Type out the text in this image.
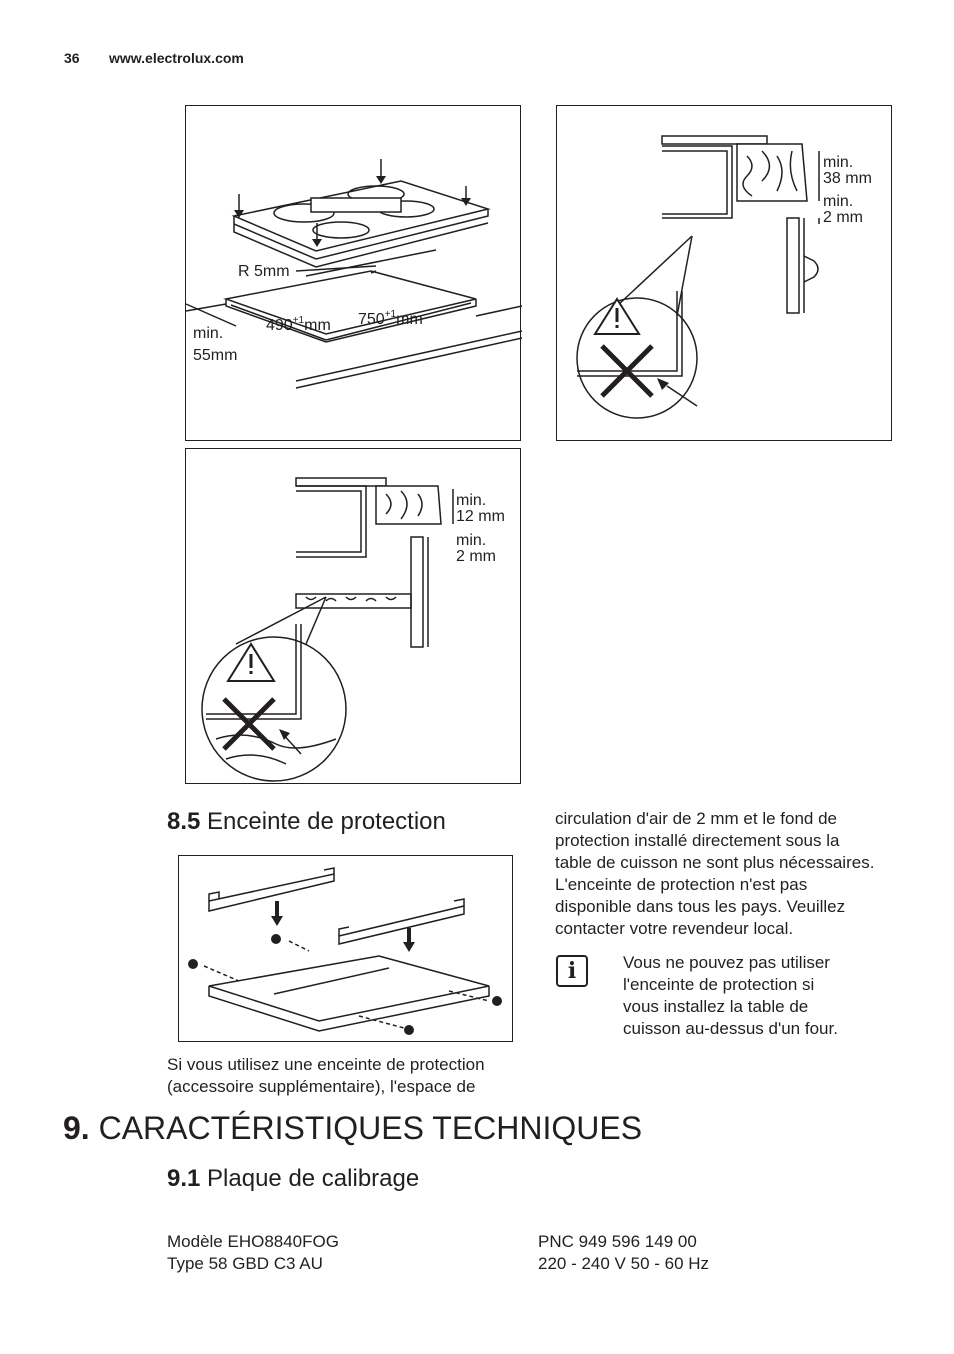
36 www.electrolux.com
R 5mm
$490^{+1}mm$ $750^{+1}mm$
min.
55mm
min.
38 mm
min.
2 mm
min.
12 mm
min.
2 mm
8.5 Enceinte de protection
Si vous utilisez une enceinte de protection
(accessoire supplémentaire), l'espace de
circulation d'air de 2 mm et le fond de
protection installé directement sous la
table de cuisson ne sont plus nécessaires.
L'enceinte de protection n'est pas
disponible dans tous les pays. Veuillez
contacter votre revendeur local.
i	Vous ne pouvez pas utiliser
l'enceinte de protection si
vous installez la table de
cuisson au-dessus d'un four.
9. CARACTÉRISTIQUES TECHNIQUES
9.1 Plaque de calibrage
Modèle EHO8840FOG
Type 58 GBD C3 AU
PNC 949 596 149 00
220 - 240 V 50 - 60 Hz
